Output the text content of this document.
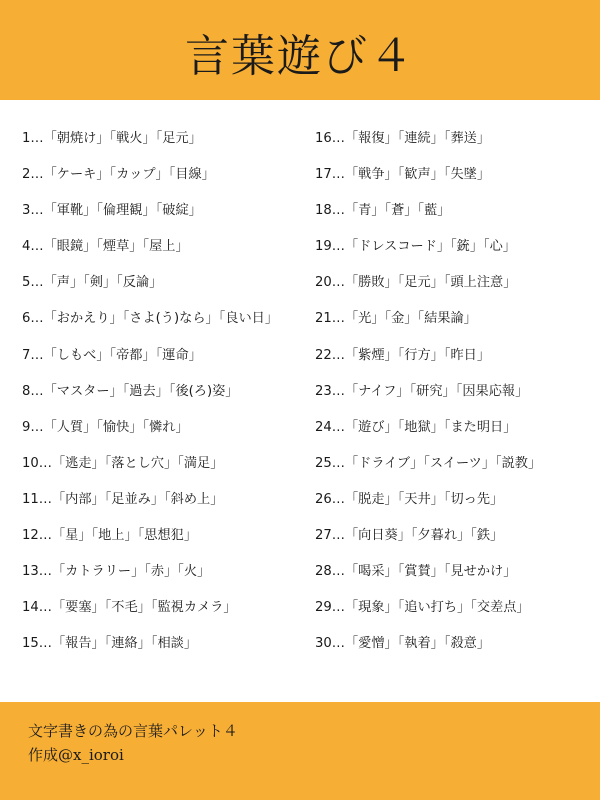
言葉遊び４
1…「朝焼け」「戦火」「足元」
2…「ケーキ」「カップ」「目線」
3…「軍靴」「倫理観」「破綻」
4…「眼鏡」「煙草」「屋上」
5…「声」「剣」「反論」
6…「おかえり」「さよ(う)なら」「良い日」
7…「しもべ」「帝都」「運命」
8…「マスター」「過去」「後(ろ)姿」
9…「人質」「愉快」「憐れ」
10…「逃走」「落とし穴」「満足」
11…「内部」「足並み」「斜め上」
12…「星」「地上」「思想犯」
13…「カトラリー」「赤」「火」
14…「要塞」「不毛」「監視カメラ」
15…「報告」「連絡」「相談」
16…「報復」「連続」「葬送」
17…「戦争」「歓声」「失墜」
18…「青」「蒼」「藍」
19…「ドレスコード」「銃」「心」
20…「勝敗」「足元」「頭上注意」
21…「光」「金」「結果論」
22…「紫煙」「行方」「昨日」
23…「ナイフ」「研究」「因果応報」
24…「遊び」「地獄」「また明日」
25…「ドライブ」「スイーツ」「説教」
26…「脱走」「天井」「切っ先」
27…「向日葵」「夕暮れ」「鉄」
28…「喝采」「賞賛」「見せかけ」
29…「現象」「追い打ち」「交差点」
30…「愛憎」「執着」「殺意」
文字書きの為の言葉パレット４
作成@x_ioroi
